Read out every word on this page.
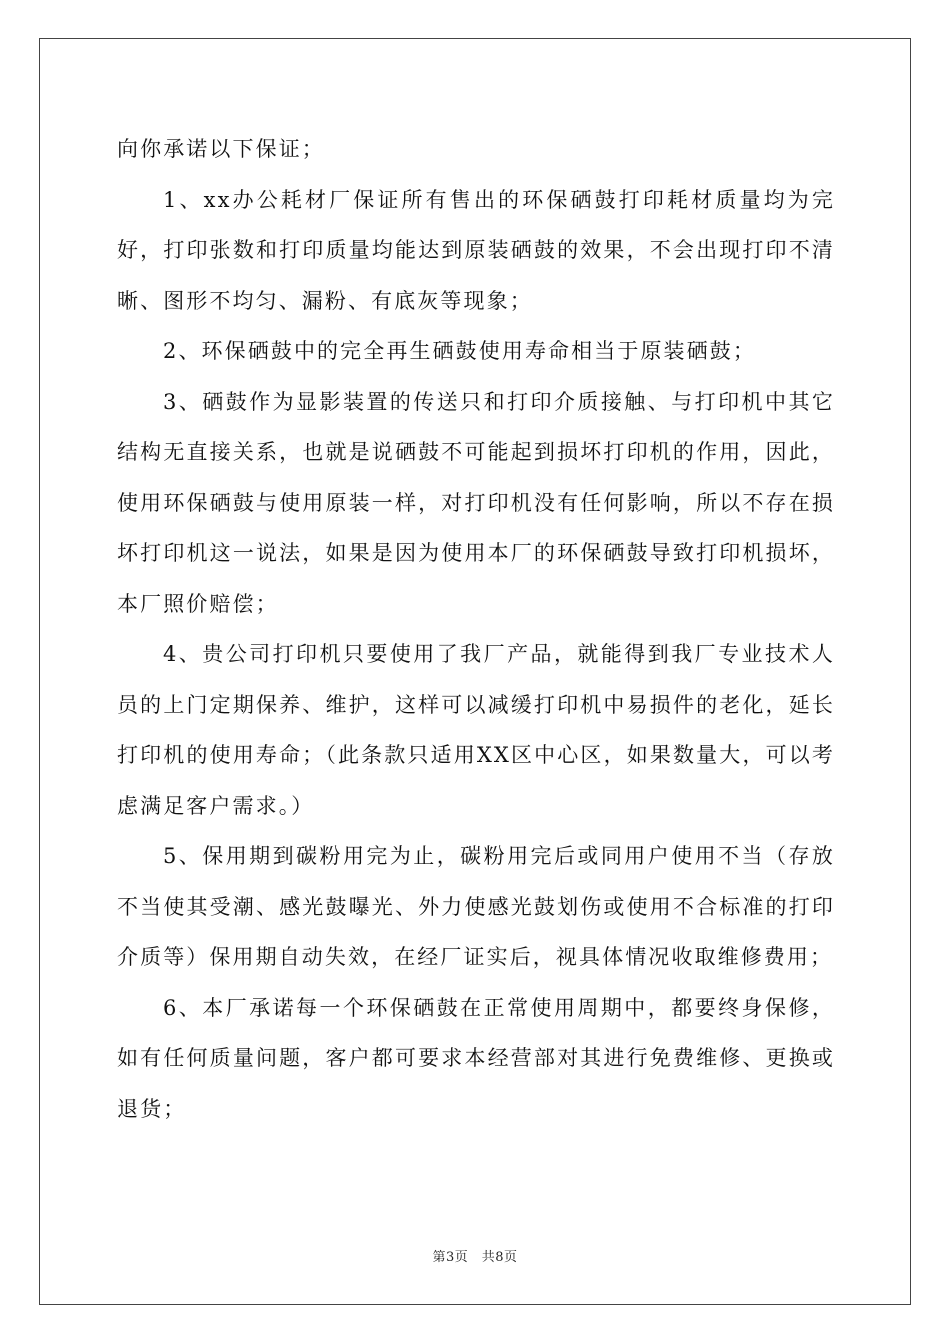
向你承诺以下保证；

1、xx办公耗材厂保证所有售出的环保硒鼓打印耗材质量均为完好，打印张数和打印质量均能达到原装硒鼓的效果，不会出现打印不清晰、图形不均匀、漏粉、有底灰等现象；

2、环保硒鼓中的完全再生硒鼓使用寿命相当于原装硒鼓；

3、硒鼓作为显影装置的传送只和打印介质接触、与打印机中其它结构无直接关系，也就是说硒鼓不可能起到损坏打印机的作用，因此，使用环保硒鼓与使用原装一样，对打印机没有任何影响，所以不存在损坏打印机这一说法，如果是因为使用本厂的环保硒鼓导致打印机损坏，本厂照价赔偿；

4、贵公司打印机只要使用了我厂产品，就能得到我厂专业技术人员的上门定期保养、维护，这样可以减缓打印机中易损件的老化，延长打印机的使用寿命；（此条款只适用XX区中心区，如果数量大，可以考虑满足客户需求。）

5、保用期到碳粉用完为止，碳粉用完后或同用户使用不当（存放不当使其受潮、感光鼓曝光、外力使感光鼓划伤或使用不合标准的打印介质等）保用期自动失效，在经厂证实后，视具体情况收取维修费用；

6、本厂承诺每一个环保硒鼓在正常使用周期中，都要终身保修，如有任何质量问题，客户都可要求本经营部对其进行免费维修、更换或退货；

第3页　共8页
